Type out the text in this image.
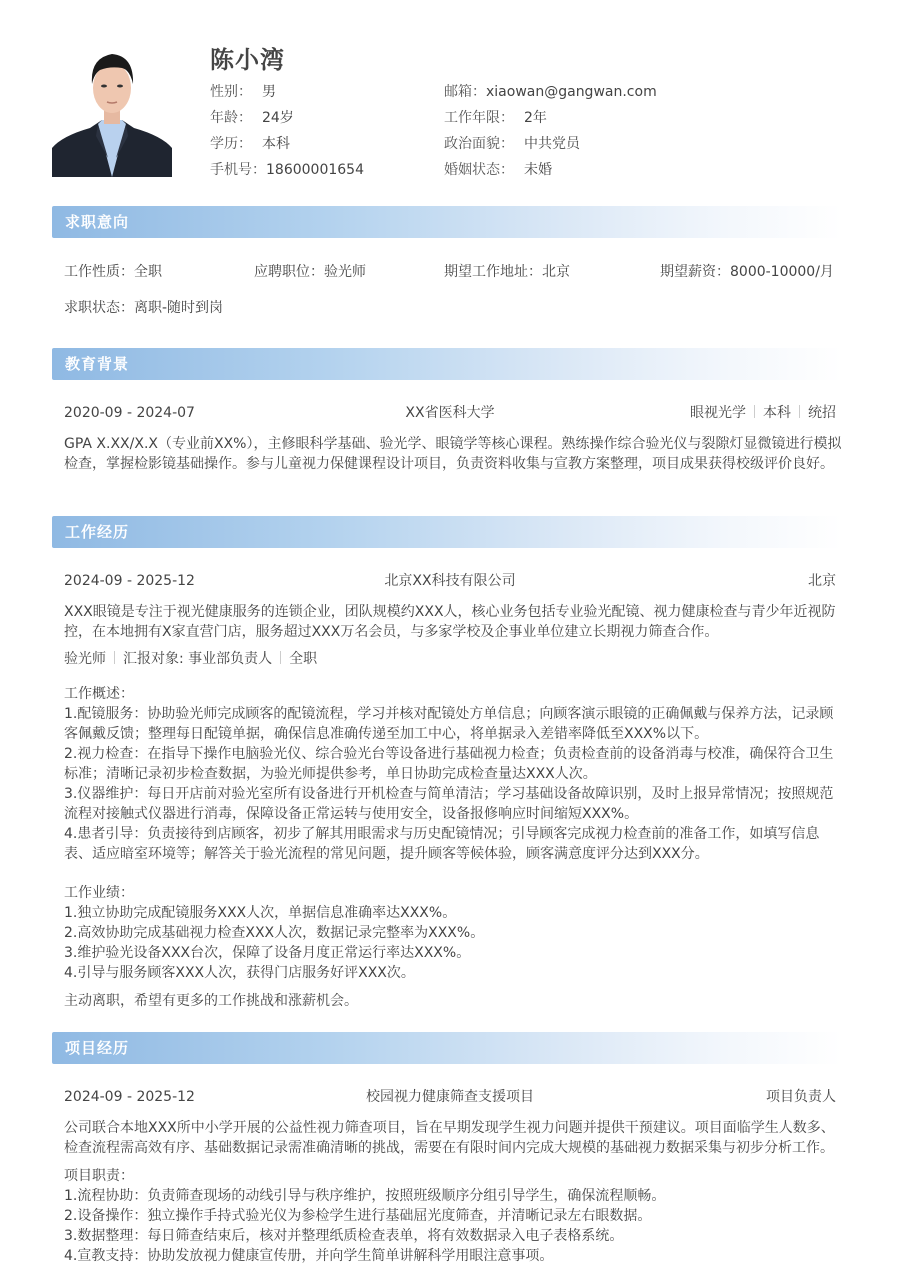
陈小湾
性别： 男
年龄： 24岁
学历： 本科
手机号：18600001654
邮箱：xiaowan@gangwan.com
工作年限： 2年
政治面貌： 中共党员
婚姻状态： 未婚
求职意向
工作性质：全职	应聘职位：验光师	期望工作地址：北京	期望薪资：8000-10000/月
求职状态：离职-随时到岗
教育背景
2020-09 - 2024-07	XX省医科大学	眼视光学 本科 统招
GPA X.XX/X.X（专业前XX%），主修眼科学基础、验光学、眼镜学等核心课程。熟练操作综合验光仪与裂隙灯显微镜进行模拟检查，掌握检影镜基础操作。参与儿童视力保健课程设计项目，负责资料收集与宣教方案整理，项目成果获得校级评价良好。
工作经历
2024-09 - 2025-12	北京XX科技有限公司	北京
XXX眼镜是专注于视光健康服务的连锁企业，团队规模约XXX人，核心业务包括专业验光配镜、视力健康检查与青少年近视防控，在本地拥有X家直营门店，服务超过XXX万名会员，与多家学校及企事业单位建立长期视力筛查合作。
验光师 汇报对象: 事业部负责人 全职
工作概述：
1.配镜服务：协助验光师完成顾客的配镜流程，学习并核对配镜处方单信息；向顾客演示眼镜的正确佩戴与保养方法，记录顾客佩戴反馈；整理每日配镜单据，确保信息准确传递至加工中心，将单据录入差错率降低至XXX%以下。
2.视力检查：在指导下操作电脑验光仪、综合验光台等设备进行基础视力检查；负责检查前的设备消毒与校准，确保符合卫生标准；清晰记录初步检查数据，为验光师提供参考，单日协助完成检查量达XXX人次。
3.仪器维护：每日开店前对验光室所有设备进行开机检查与简单清洁；学习基础设备故障识别，及时上报异常情况；按照规范流程对接触式仪器进行消毒，保障设备正常运转与使用安全，设备报修响应时间缩短XXX%。
4.患者引导：负责接待到店顾客，初步了解其用眼需求与历史配镜情况；引导顾客完成视力检查前的准备工作，如填写信息表、适应暗室环境等；解答关于验光流程的常见问题，提升顾客等候体验，顾客满意度评分达到XXX分。
工作业绩：
1.独立协助完成配镜服务XXX人次，单据信息准确率达XXX%。
2.高效协助完成基础视力检查XXX人次，数据记录完整率为XXX%。
3.维护验光设备XXX台次，保障了设备月度正常运行率达XXX%。
4.引导与服务顾客XXX人次，获得门店服务好评XXX次。
主动离职，希望有更多的工作挑战和涨薪机会。
项目经历
2024-09 - 2025-12	校园视力健康筛查支援项目	项目负责人
公司联合本地XXX所中小学开展的公益性视力筛查项目，旨在早期发现学生视力问题并提供干预建议。项目面临学生人数多、检查流程需高效有序、基础数据记录需准确清晰的挑战，需要在有限时间内完成大规模的基础视力数据采集与初步分析工作。
项目职责：
1.流程协助：负责筛查现场的动线引导与秩序维护，按照班级顺序分组引导学生，确保流程顺畅。
2.设备操作：独立操作手持式验光仪为参检学生进行基础屈光度筛查，并清晰记录左右眼数据。
3.数据整理：每日筛查结束后，核对并整理纸质检查表单，将有效数据录入电子表格系统。
4.宣教支持：协助发放视力健康宣传册，并向学生简单讲解科学用眼注意事项。
